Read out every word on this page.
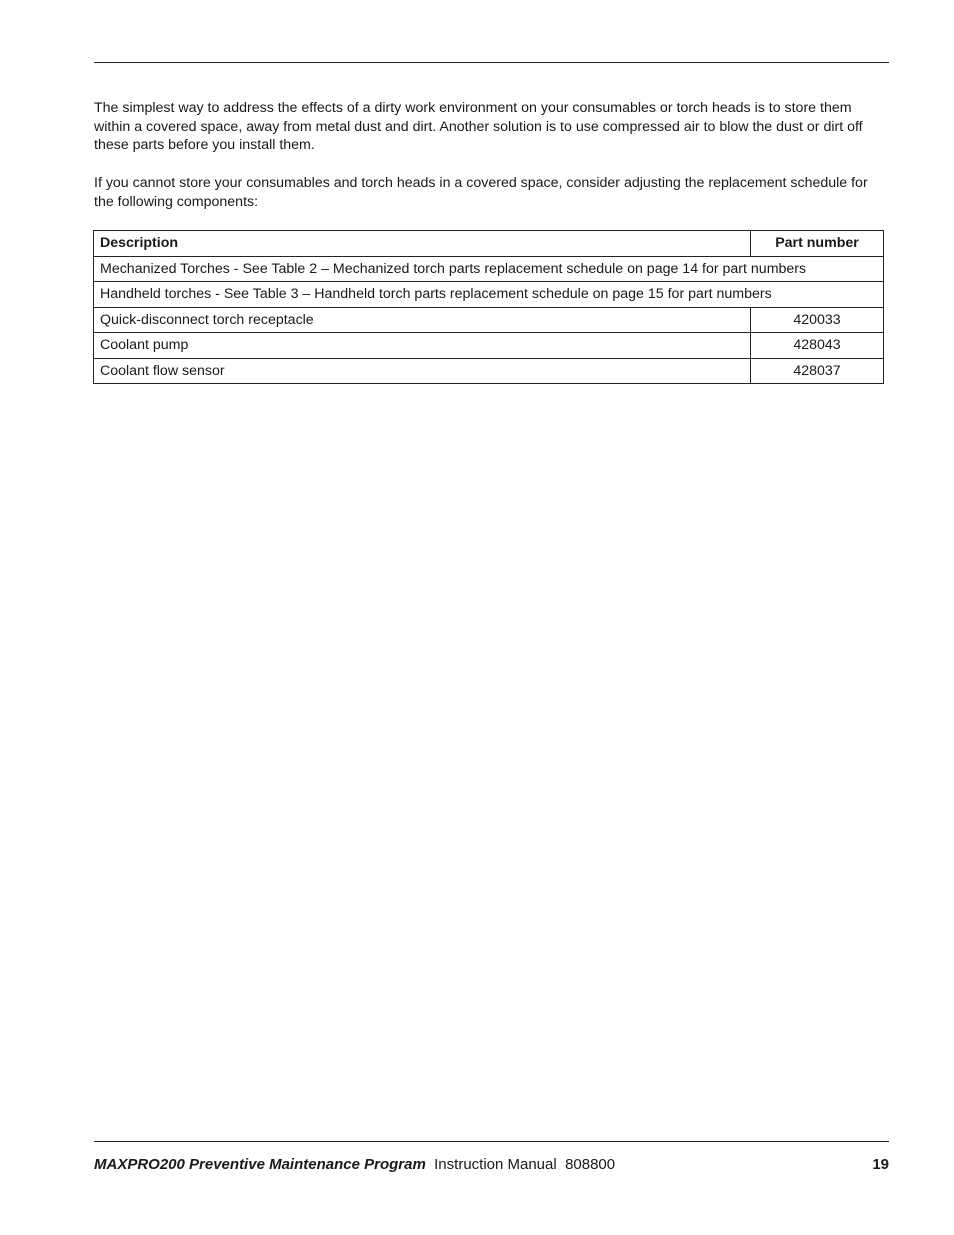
The simplest way to address the effects of a dirty work environment on your consumables or torch heads is to store them within a covered space, away from metal dust and dirt. Another solution is to use compressed air to blow the dust or dirt off these parts before you install them.

If you cannot store your consumables and torch heads in a covered space, consider adjusting the replacement schedule for the following components:

Description	Part number
Mechanized Torches - See Table 2 – Mechanized torch parts replacement schedule on page 14 for part numbers	
Handheld torches - See Table 3 – Handheld torch parts replacement schedule on page 15 for part numbers	
Quick-disconnect torch receptacle	420033
Coolant pump	428043
Coolant flow sensor	428037
MAXPRO200 Preventive Maintenance Program Instruction Manual 808800	19
